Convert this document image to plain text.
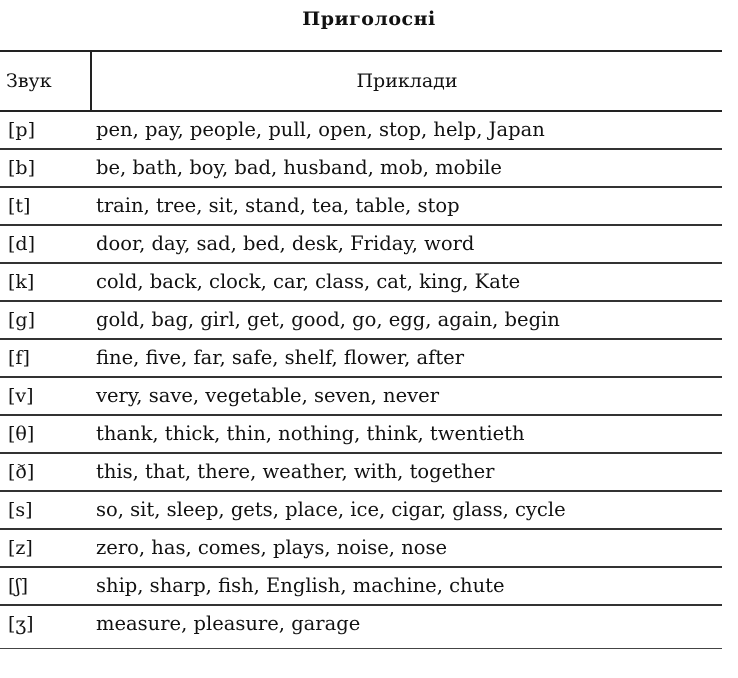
Приголосні
Звук	Приклади
[p]	pen, pay, people, pull, open, stop, help, Japan
[b]	be, bath, boy, bad, husband, mob, mobile
[t]	train, tree, sit, stand, tea, table, stop
[d]	door, day, sad, bed, desk, Friday, word
[k]	cold, back, clock, car, class, cat, king, Kate
[g]	gold, bag, girl, get, good, go, egg, again, begin
[f]	fine, five, far, safe, shelf, flower, after
[v]	very, save, vegetable, seven, never
[θ]	thank, thick, thin, nothing, think, twentieth
[ð]	this, that, there, weather, with, together
[s]	so, sit, sleep, gets, place, ice, cigar, glass, cycle
[z]	zero, has, comes, plays, noise, nose
[ʃ]	ship, sharp, fish, English, machine, chute
[ʒ]	measure, pleasure, garage
